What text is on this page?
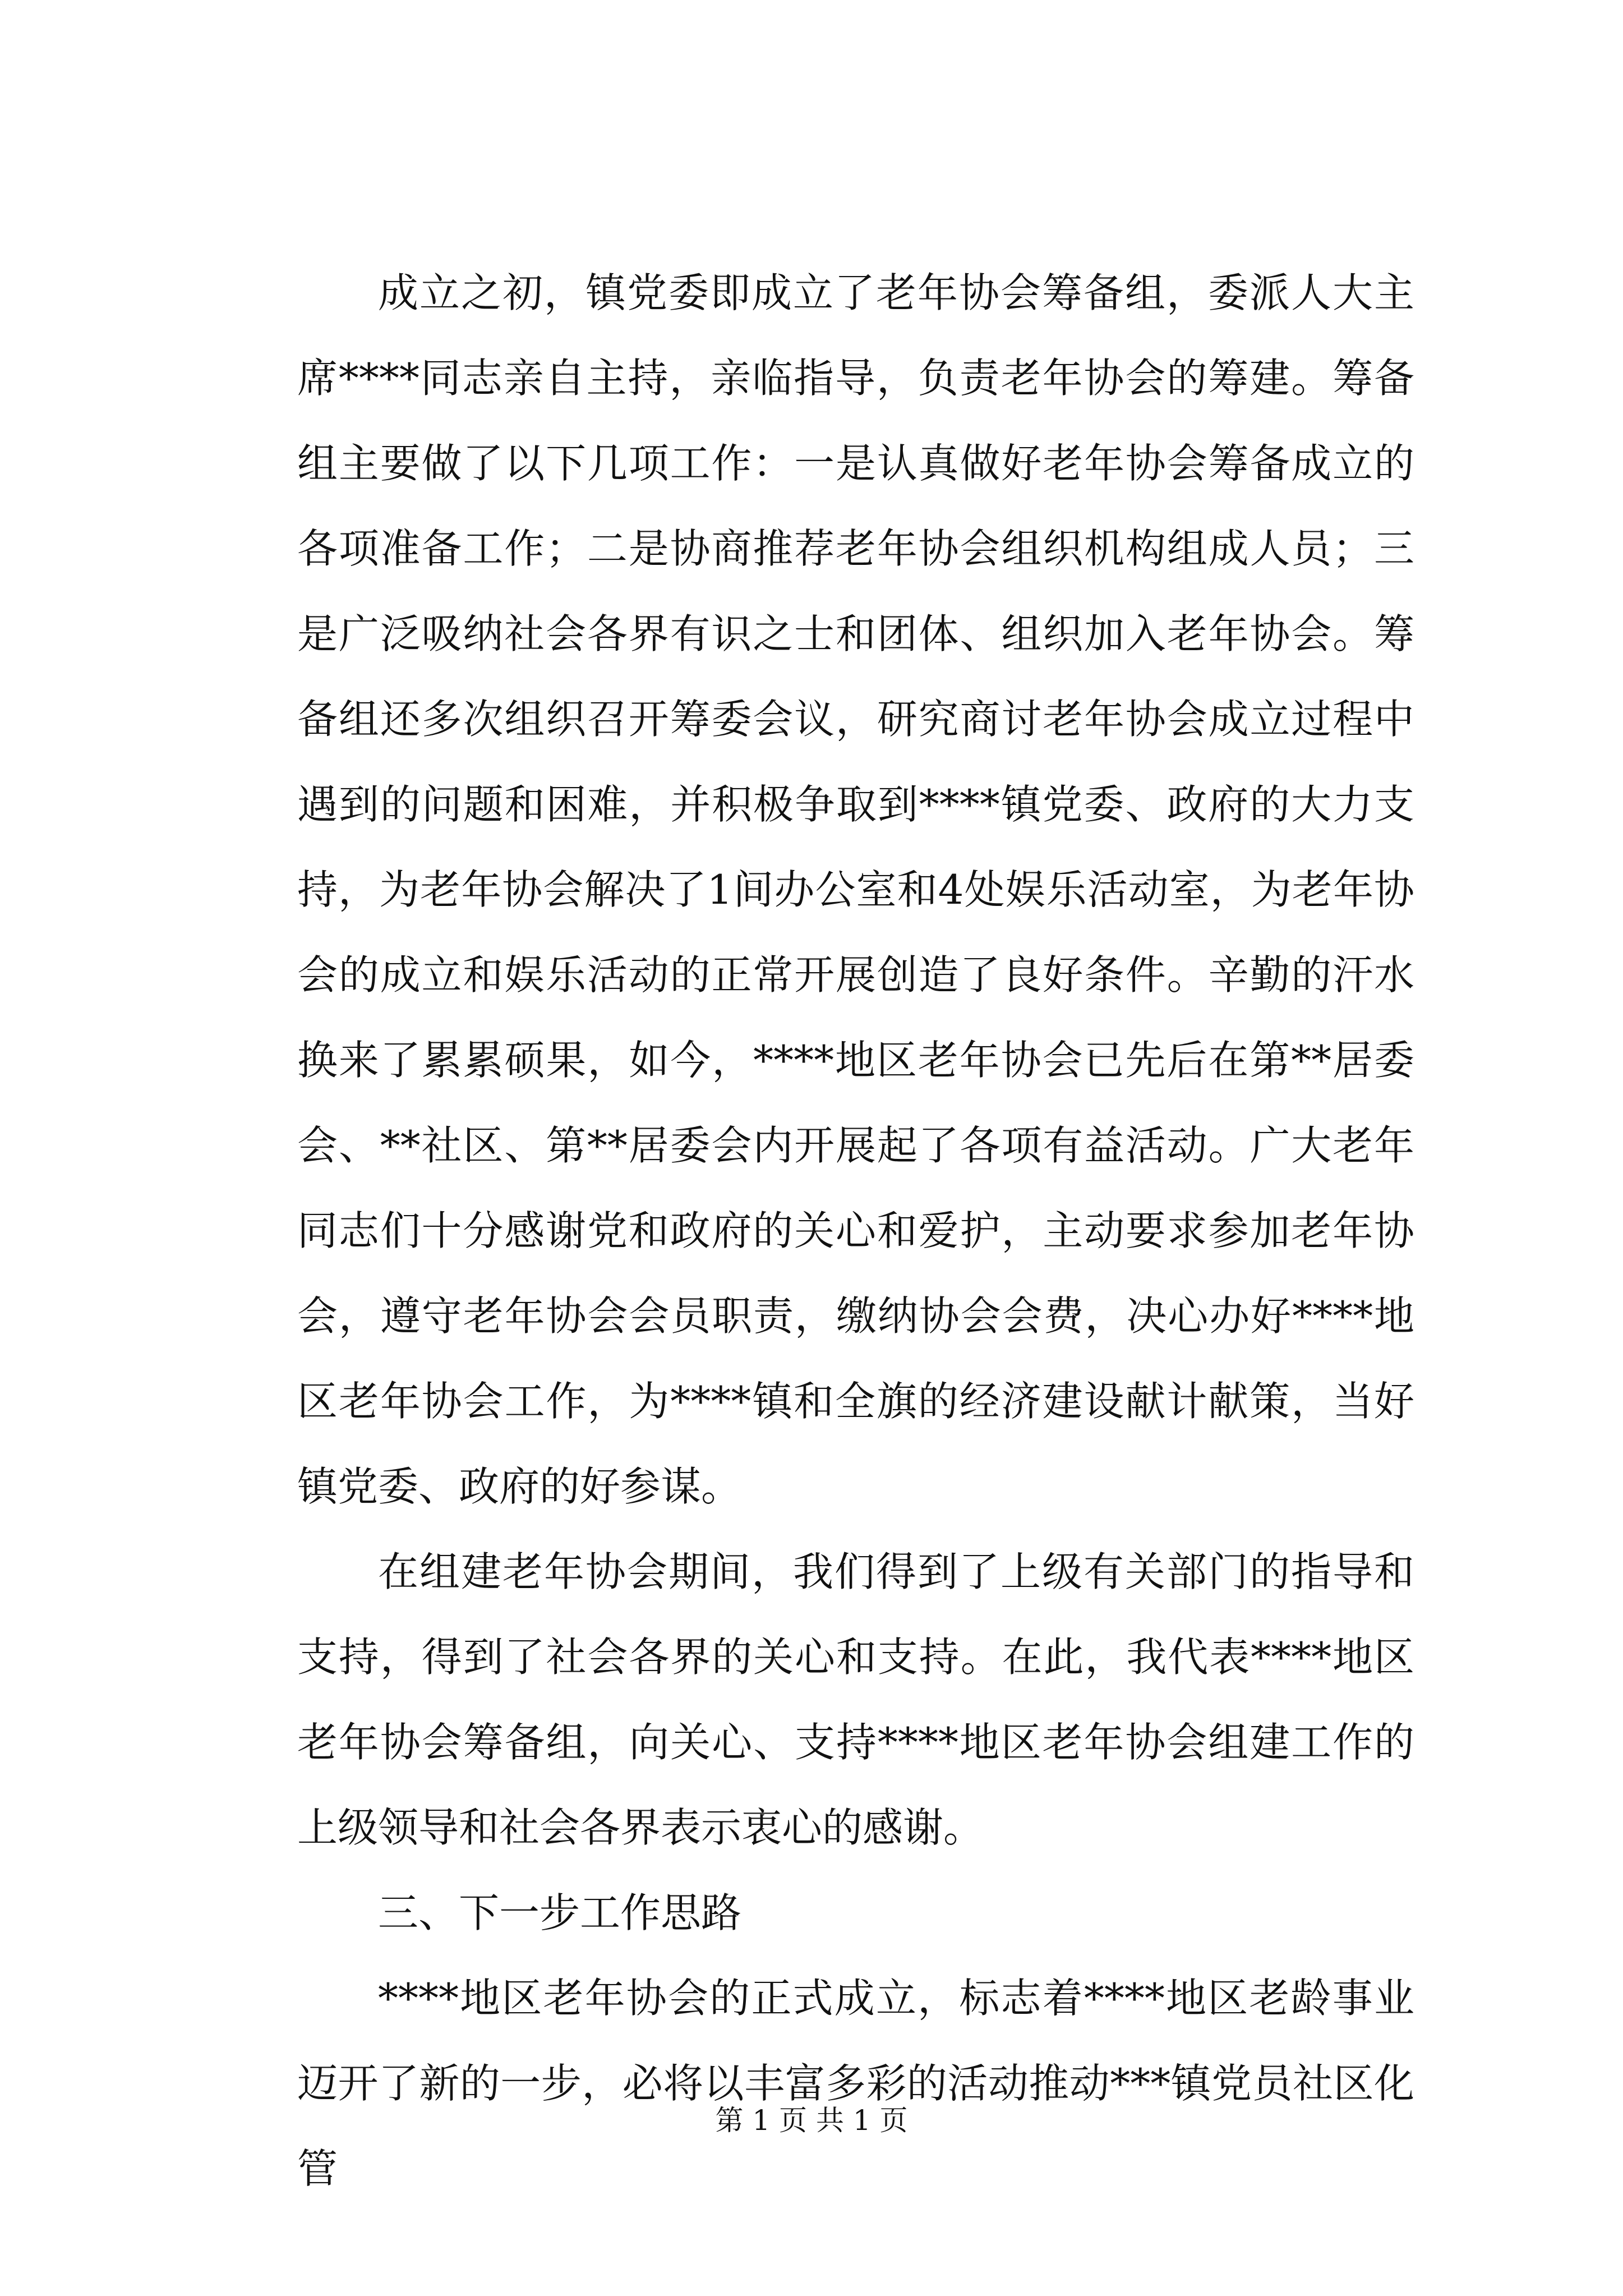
成立之初，镇党委即成立了老年协会筹备组，委派人大主席****同志亲自主持，亲临指导，负责老年协会的筹建。筹备组主要做了以下几项工作：一是认真做好老年协会筹备成立的各项准备工作；二是协商推荐老年协会组织机构组成人员；三是广泛吸纳社会各界有识之士和团体、组织加入老年协会。筹备组还多次组织召开筹委会议，研究商讨老年协会成立过程中遇到的问题和困难，并积极争取到****镇党委、政府的大力支持，为老年协会解决了1间办公室和4处娱乐活动室，为老年协会的成立和娱乐活动的正常开展创造了良好条件。辛勤的汗水换来了累累硕果，如今，****地区老年协会已先后在第**居委会、**社区、第**居委会内开展起了各项有益活动。广大老年同志们十分感谢党和政府的关心和爱护，主动要求参加老年协会，遵守老年协会会员职责，缴纳协会会费，决心办好****地区老年协会工作，为****镇和全旗的经济建设献计献策，当好镇党委、政府的好参谋。

在组建老年协会期间，我们得到了上级有关部门的指导和支持，得到了社会各界的关心和支持。在此，我代表****地区老年协会筹备组，向关心、支持****地区老年协会组建工作的上级领导和社会各界表示衷心的感谢。

三、下一步工作思路

****地区老年协会的正式成立，标志着****地区老龄事业迈开了新的一步，必将以丰富多彩的活动推动***镇党员社区化管

第 1 页 共 1 页
